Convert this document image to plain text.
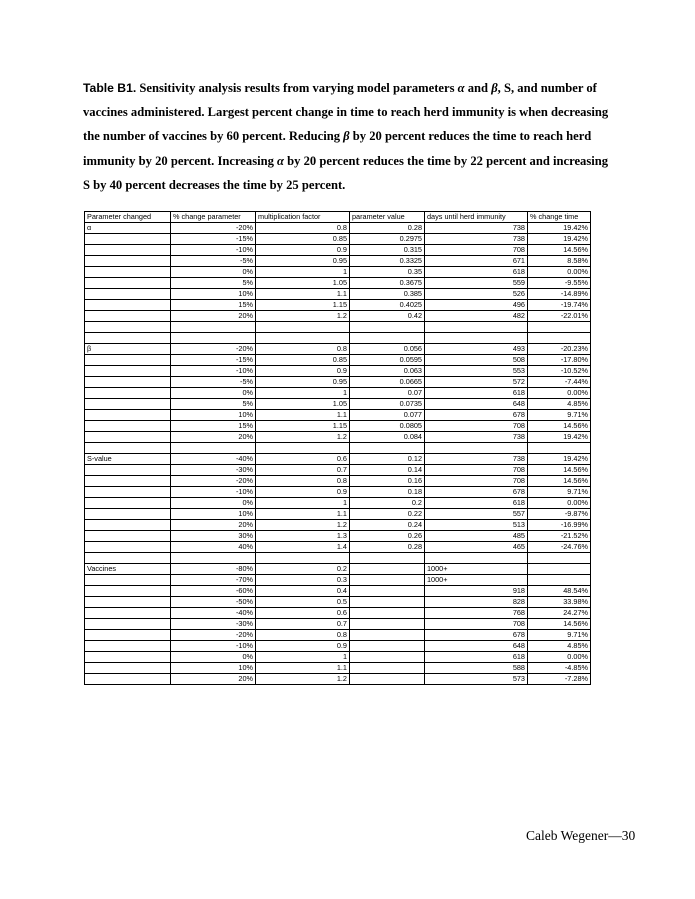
Table B1. Sensitivity analysis results from varying model parameters α and β, S, and number of vaccines administered. Largest percent change in time to reach herd immunity is when decreasing the number of vaccines by 60 percent. Reducing β by 20 percent reduces the time to reach herd immunity by 20 percent. Increasing α by 20 percent reduces the time by 22 percent and increasing S by 40 percent decreases the time by 25 percent.

Parameter changed	% change parameter	multiplication factor	parameter value	days until herd immunity	% change time
α	-20%	0.8	0.28	738	19.42%
	-15%	0.85	0.2975	738	19.42%
	-10%	0.9	0.315	708	14.56%
	-5%	0.95	0.3325	671	8.58%
	0%	1	0.35	618	0.00%
	5%	1.05	0.3675	559	-9.55%
	10%	1.1	0.385	526	-14.89%
	15%	1.15	0.4025	496	-19.74%
	20%	1.2	0.42	482	-22.01%

β	-20%	0.8	0.056	493	-20.23%
	-15%	0.85	0.0595	508	-17.80%
	-10%	0.9	0.063	553	-10.52%
	-5%	0.95	0.0665	572	-7.44%
	0%	1	0.07	618	0.00%
	5%	1.05	0.0735	648	4.85%
	10%	1.1	0.077	678	9.71%
	15%	1.15	0.0805	708	14.56%
	20%	1.2	0.084	738	19.42%

S-value	-40%	0.6	0.12	738	19.42%
	-30%	0.7	0.14	708	14.56%
	-20%	0.8	0.16	708	14.56%
	-10%	0.9	0.18	678	9.71%
	0%	1	0.2	618	0.00%
	10%	1.1	0.22	557	-9.87%
	20%	1.2	0.24	513	-16.99%
	30%	1.3	0.26	485	-21.52%
	40%	1.4	0.28	465	-24.76%

Vaccines	-80%	0.2		1000+	
	-70%	0.3		1000+	
	-60%	0.4		918	48.54%
	-50%	0.5		828	33.98%
	-40%	0.6		768	24.27%
	-30%	0.7		708	14.56%
	-20%	0.8		678	9.71%
	-10%	0.9		648	4.85%
	0%	1		618	0.00%
	10%	1.1		588	-4.85%
	20%	1.2		573	-7.28%
Caleb Wegener—30
